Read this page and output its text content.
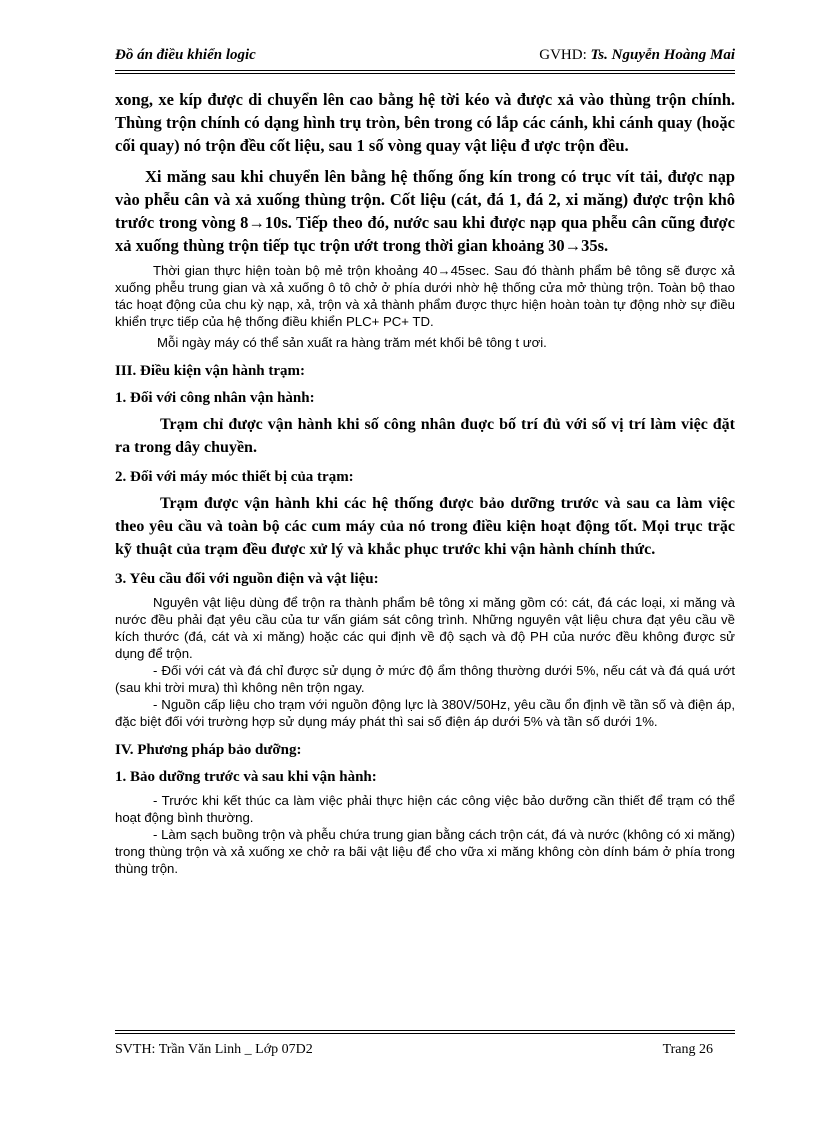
Đồ án điều khiển logic	GVHD: Ts. Nguyễn Hoàng Mai

xong, xe kíp được di chuyển lên cao bằng hệ tời kéo và được xả vào thùng trộn chính. Thùng trộn chính có dạng hình trụ tròn, bên trong có lắp các cánh, khi cánh quay (hoặc cối quay) nó trộn đều cốt liệu, sau 1 số vòng quay vật liệu đ ược trộn đều.

Xi măng sau khi chuyển lên bằng hệ thống ống kín trong có trục vít tải, được nạp vào phễu cân và xả xuống thùng trộn. Cốt liệu (cát, đá 1, đá 2, xi măng) được trộn khô trước trong vòng 8→10s. Tiếp theo đó, nước sau khi được nạp qua phễu cân cũng được xả xuống thùng trộn tiếp tục trộn ướt trong thời gian khoảng 30→35s.

Thời gian thực hiện toàn bộ mẻ trộn khoảng 40→45sec. Sau đó thành phẩm bê tông sẽ được xả xuống phễu trung gian và xả xuống ô tô chở ở phía dưới nhờ hệ thống cửa mở thùng trộn. Toàn bộ thao tác hoạt động của chu kỳ nạp, xả, trộn và xả thành phẩm được thực hiện hoàn toàn tự động nhờ sự điều khiển trực tiếp của hệ thống điều khiển PLC+ PC+ TD.

Mỗi ngày máy có thể sản xuất ra hàng trăm mét khối bê tông t ươi.

III. Điều kiện vận hành trạm:
1. Đối với công nhân vận hành:

Trạm chỉ được vận hành khi số công nhân đuợc bố trí đủ với số vị trí làm việc đặt ra trong dây chuyền.

2. Đối với máy móc thiết bị của trạm:

Trạm được vận hành khi các hệ thống được bảo dưỡng trước và sau ca làm việc theo yêu cầu và toàn bộ các cum máy của nó trong điều kiện hoạt động tốt. Mọi trục trặc kỹ thuật của trạm đều được xử lý và khắc phục trước khi vận hành chính thức.

3. Yêu cầu đối với nguồn điện và vật liệu:

Nguyên vật liệu dùng để trộn ra thành phẩm bê tông xi măng gồm có: cát, đá các loại, xi măng và nước đều phải đạt yêu cầu của tư vấn giám sát công trình. Những nguyên vật liệu chưa đạt yêu cầu về kích thước (đá, cát và xi măng) hoặc các qui định về độ sạch và độ PH của nước đều không được sử dụng để trộn.

- Đối với cát và đá chỉ được sử dụng ở mức độ ẩm thông thường dưới 5%, nếu cát và đá quá ướt (sau khi trời mưa) thì không nên trộn ngay.

- Nguồn cấp liệu cho trạm với nguồn động lực là 380V/50Hz, yêu cầu ổn định về tần số và điện áp, đặc biệt đối với trường hợp sử dụng máy phát thì sai số điện áp dưới 5% và tần số dưới 1%.

IV. Phương pháp bảo dưỡng:
1. Bảo dưỡng trước và sau khi vận hành:

- Trước khi kết thúc ca làm việc phải thực hiện các công việc bảo dưỡng cần thiết để trạm có thể hoạt động bình thường.

- Làm sạch buồng trộn và phễu chứa trung gian bằng cách trộn cát, đá và nước (không có xi măng) trong thùng trộn và xả xuống xe chở ra bãi vật liệu để cho vữa xi măng không còn dính bám ở phía trong thùng trộn.

SVTH: Trần Văn Linh _ Lớp 07D2	Trang 26
